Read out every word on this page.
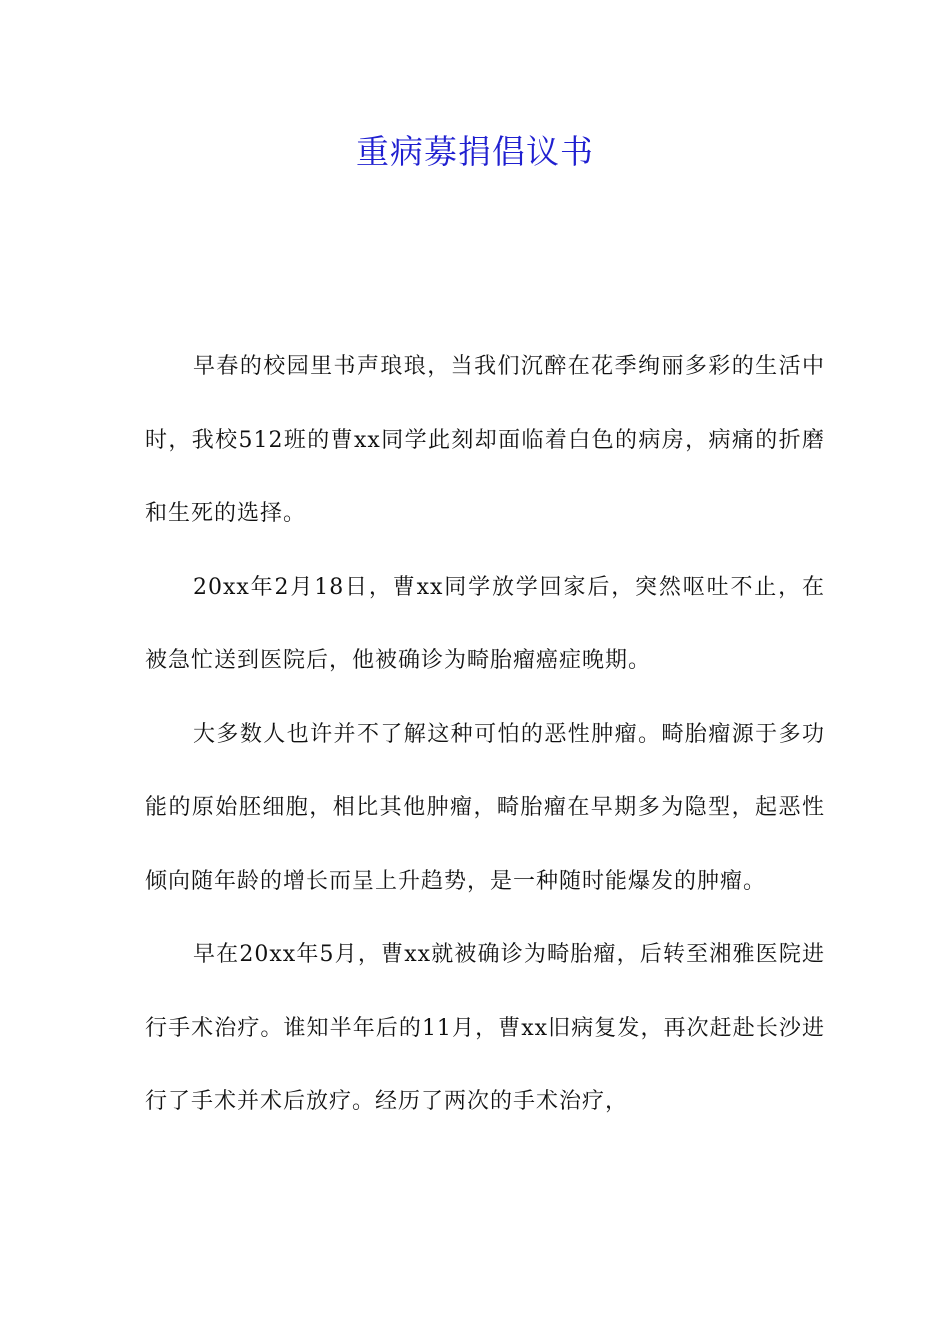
重病募捐倡议书

早春的校园里书声琅琅，当我们沉醉在花季绚丽多彩的生活中时，我校512班的曹xx同学此刻却面临着白色的病房，病痛的折磨和生死的选择。

20xx年2月18日，曹xx同学放学回家后，突然呕吐不止，在被急忙送到医院后，他被确诊为畸胎瘤癌症晚期。

大多数人也许并不了解这种可怕的恶性肿瘤。畸胎瘤源于多功能的原始胚细胞，相比其他肿瘤，畸胎瘤在早期多为隐型，起恶性倾向随年龄的增长而呈上升趋势，是一种随时能爆发的肿瘤。

早在20xx年5月，曹xx就被确诊为畸胎瘤，后转至湘雅医院进行手术治疗。谁知半年后的11月，曹xx旧病复发，再次赶赴长沙进行了手术并术后放疗。经历了两次的手术治疗，
